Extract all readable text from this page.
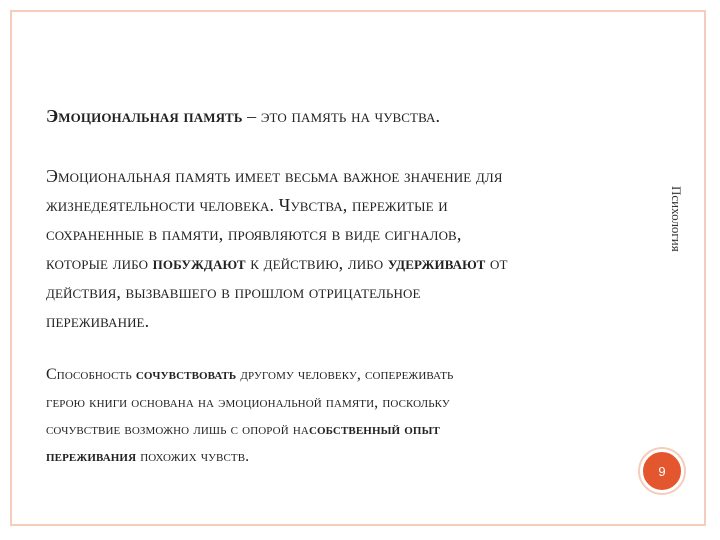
Эмоциональная память – это память на чувства.
Эмоциональная память имеет весьма важное значение для
жизнедеятельности человека. Чувства, пережитые и
сохраненные в памяти, проявляются в виде сигналов,
которые либо побуждают к действию, либо удерживают от
действия, вызвавшего в прошлом отрицательное
переживание.
Способность сочувствовать другому человеку, сопереживать
герою книги основана на эмоциональной памяти, поскольку
сочувствие возможно лишь с опорой насобственный опыт
переживания похожих чувств.
Психология
9
